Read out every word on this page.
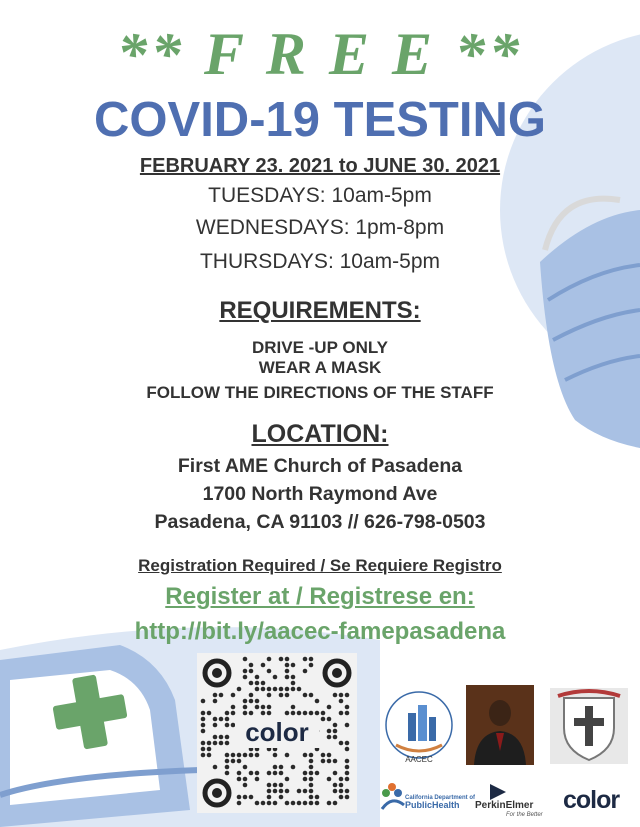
** F R E E **
COVID-19 TESTING
FEBRUARY 23. 2021 to JUNE 30. 2021
TUESDAYS: 10am-5pm
WEDNESDAYS: 1pm-8pm
THURSDAYS: 10am-5pm
REQUIREMENTS:
DRIVE -UP ONLY
WEAR A MASK
FOLLOW THE DIRECTIONS OF THE STAFF
LOCATION:
First AME Church of Pasadena
1700 North Raymond Ave
Pasadena, CA 91103 // 626-798-0503
Registration Required / Se Requiere Registro
Register at / Registrese en:
http://bit.ly/aacec-famepasadena
color
AACEC
California Department of
PublicHealth	PerkinElmer
For the Better
color
